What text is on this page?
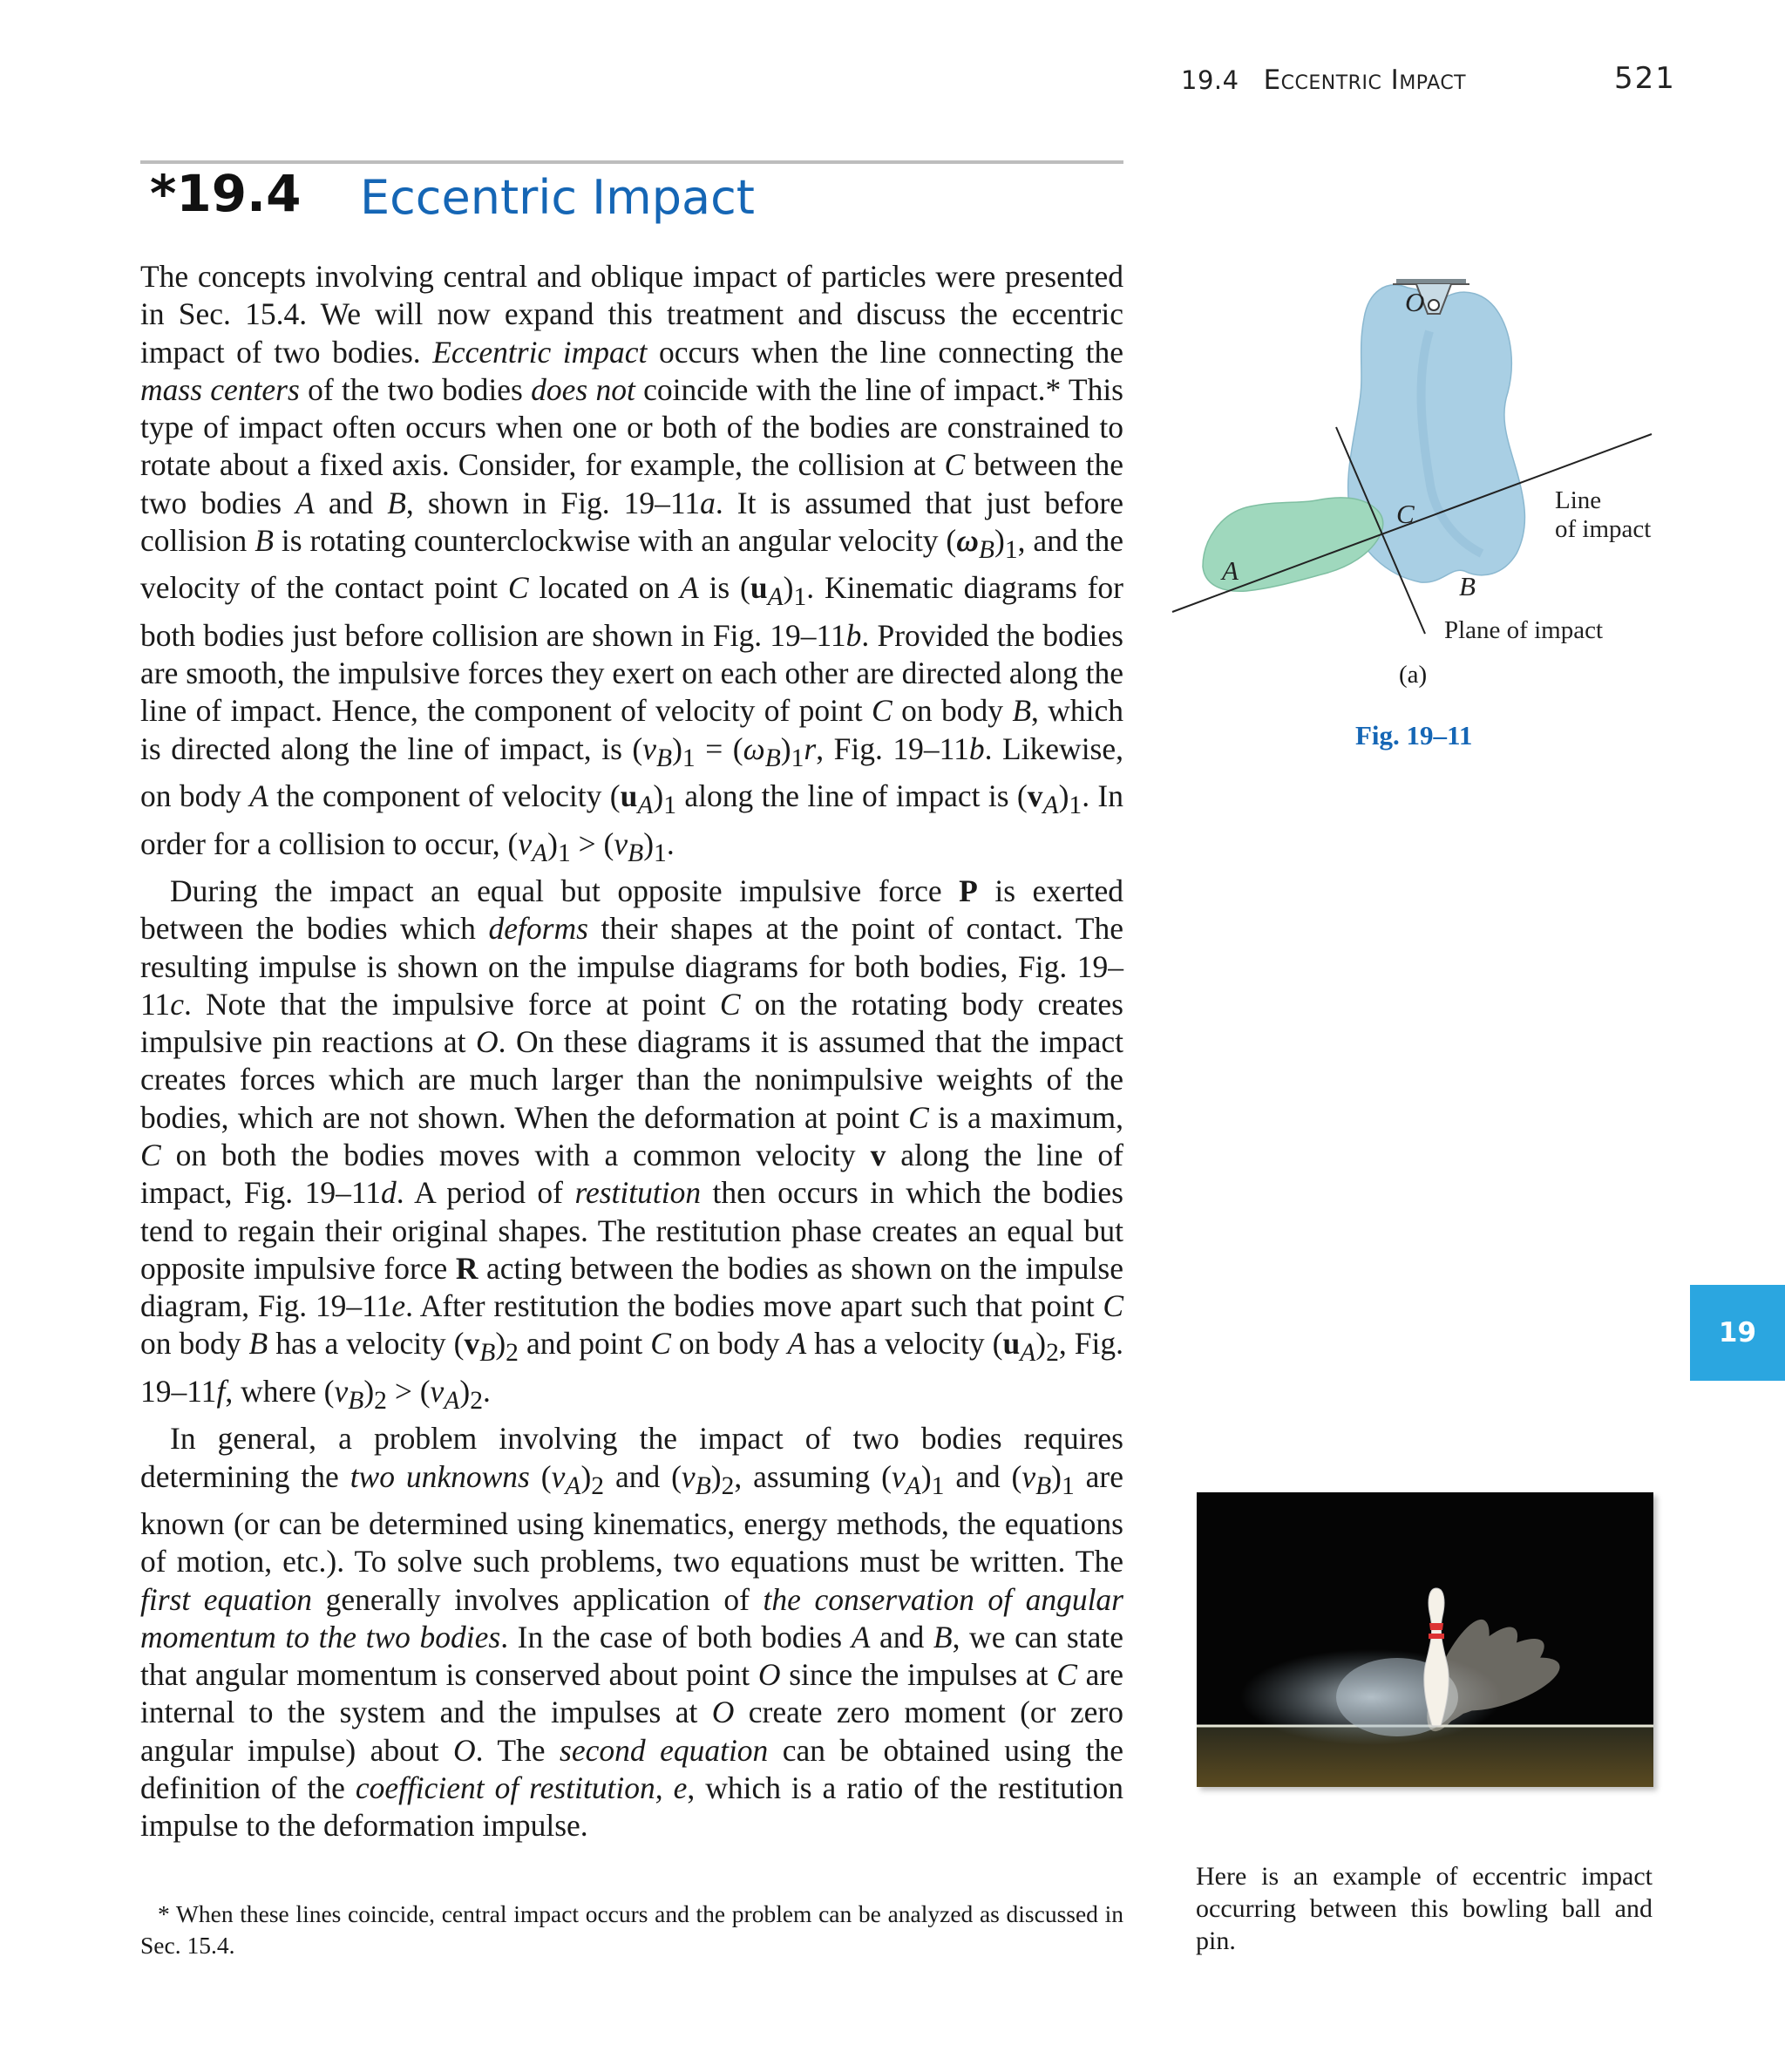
19.4 Eccentric Impact	521
*19.4 Eccentric Impact

The concepts involving central and oblique impact of particles were presented in Sec. 15.4. We will now expand this treatment and discuss the eccentric impact of two bodies. Eccentric impact occurs when the line connecting the mass centers of the two bodies does not coincide with the line of impact.* This type of impact often occurs when one or both of the bodies are constrained to rotate about a fixed axis. Consider, for example, the collision at C between the two bodies A and B, shown in Fig. 19–11a. It is assumed that just before collision B is rotating counterclockwise with an angular velocity $(\omega_B)_1$, and the velocity of the contact point C located on A is $(u_A)_1$. Kinematic diagrams for both bodies just before collision are shown in Fig. 19–11b. Provided the bodies are smooth, the impulsive forces they exert on each other are directed along the line of impact. Hence, the component of velocity of point C on body B, which is directed along the line of impact, is $(v_B)_1 = (\omega_B)_1r$, Fig. 19–11b. Likewise, on body A the component of velocity $(u_A)_1$ along the line of impact is $(v_A)_1$. In order for a collision to occur, $(v_A)_1 > (v_B)_1$.

During the impact an equal but opposite impulsive force P is exerted between the bodies which deforms their shapes at the point of contact. The resulting impulse is shown on the impulse diagrams for both bodies, Fig. 19–11c. Note that the impulsive force at point C on the rotating body creates impulsive pin reactions at O. On these diagrams it is assumed that the impact creates forces which are much larger than the nonimpulsive weights of the bodies, which are not shown. When the deformation at point C is a maximum, C on both the bodies moves with a common velocity v along the line of impact, Fig. 19–11d. A period of restitution then occurs in which the bodies tend to regain their original shapes. The restitution phase creates an equal but opposite impulsive force R acting between the bodies as shown on the impulse diagram, Fig. 19–11e. After restitution the bodies move apart such that point C on body B has a velocity $(v_B)_2$ and point C on body A has a velocity $(u_A)_2$, Fig. 19–11f, where $(v_B)_2 > (v_A)_2$.

In general, a problem involving the impact of two bodies requires determining the two unknowns $(v_A)_2$ and $(v_B)_2$, assuming $(v_A)_1$ and $(v_B)_1$ are known (or can be determined using kinematics, energy methods, the equations of motion, etc.). To solve such problems, two equations must be written. The first equation generally involves application of the conservation of angular momentum to the two bodies. In the case of both bodies A and B, we can state that angular momentum is conserved about point O since the impulses at C are internal to the system and the impulses at O create zero moment (or zero angular impulse) about O. The second equation can be obtained using the definition of the coefficient of restitution, e, which is a ratio of the restitution impulse to the deformation impulse.

* When these lines coincide, central impact occurs and the problem can be analyzed as discussed in Sec. 15.4.
O
C
A
B
Line
of impact
Plane of impact
(a)
Fig. 19–11
19
Here is an example of eccentric impact occurring between this bowling ball and pin.
